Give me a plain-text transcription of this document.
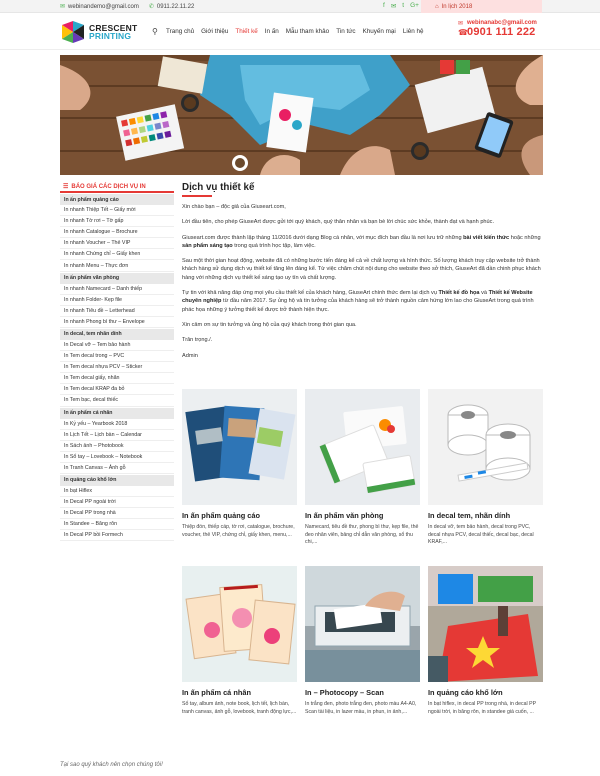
✉ webinandemo@gmail.com ✆ 0911.22.11.22	f ✉ t G+	⌂ In lịch 2018
CRESCENT
PRINTING	⚲ Trang chủ Giới thiệu Thiết kế In ấn Mẫu tham khảo Tin tức Khuyến mại Liên hệ
✉ webinanabc@gmail.com
☎ 0901 111 222
☰ BÁO GIÁ CÁC DỊCH VỤ IN
In ấn phẩm quảng cáo
In nhanh Thiệp Tết – Giấy mời
In nhanh Tờ rơi – Tờ gấp
In nhanh Catalogue – Brochure
In nhanh Voucher – Thẻ VIP
In nhanh Chứng chỉ – Giấy khen
In nhanh Menu – Thực đơn
In ấn phẩm văn phòng
In nhanh Namecard – Danh thiếp
In nhanh Folder- Kẹp file
In nhanh Tiêu đề – Letterhead
In nhanh Phong bì thư – Envelope
In decal, tem nhãn dính
In Decal vỡ – Tem bảo hành
In Tem decal trong – PVC
In Tem decal nhựa PCV – Sticker
In Tem decal giấy, nhãn
In Tem decal KRAP đa bỏ
In Tem bạc, decal thiếc
In ấn phẩm cá nhân
In Kỷ yếu – Yearbook 2018
In Lịch Tết – Lịch bàn – Calendar
In Sách ảnh – Photobook
In Sổ tay – Lovebook – Notebook
In Tranh Canvas – Ảnh gỗ
In quảng cáo khổ lớn
In bạt Hiflex
In Decal PP ngoài trời
In Decal PP trong nhà
In Standee – Băng rôn
In Decal PP bồi Formech
Dịch vụ thiết kế

Xin chào bạn – độc giả của Giuseart.com,

Lời đầu tiên, cho phép GiuseArt được gửi tới quý khách, quý thân nhân và bạn bè lời chúc sức khỏe, thành đạt và hạnh phúc.

Giuseart.com được thành lập tháng 11/2016 dưới dạng Blog cá nhân, với mục đích ban đầu là nơi lưu trữ những bài viết kiến thức hoặc những sản phẩm sáng tạo trong quá trình học tập, làm việc.

Sau một thời gian hoạt động, website đã có những bước tiến đáng kể cả về chất lượng và hình thức. Số lượng khách truy cập website trở thành khách hàng sử dụng dịch vụ thiết kế tăng lên đáng kể. Từ việc chăm chút nội dung cho website theo sở thích, GiuseArt đã dần chinh phục khách hàng với những dịch vụ thiết kế sáng tạo uy tín và chất lượng.

Tự tin với khả năng đáp ứng mọi yêu cầu thiết kế của khách hàng, GiuseArt chính thức đem lại dịch vụ Thiết kế đồ họa và Thiết kế Website chuyên nghiệp từ đầu năm 2017. Sự ủng hộ và tin tưởng của khách hàng sẽ trở thành nguồn cảm hứng lớn lao cho GiuseArt trong quá trình phác họa những ý tưởng thiết kế được trở thành hiện thực.

Xin cảm ơn sự tin tưởng và ủng hộ của quý khách trong thời gian qua.

Trân trọng./.

Admin

In ấn phẩm quảng cáo
Thiệp đón, thiếp cáp, tờ rơi, catalogue, brochure, voucher, thẻ VIP, chứng chỉ, giấy khen, menu,...
In ấn phẩm văn phòng
Namecard, tiêu đề thư, phong bì thư, kẹp file, thẻ đeo nhân viên, bảng chỉ dẫn văn phòng, sổ thu chi,...
In decal tem, nhãn dính
In decal vỡ, tem bảo hành, decal trong PVC, decal nhựa PCV, decal thiếc, decal bạc, decal KRAF,...
In ấn phẩm cá nhân
Sổ tay, album ảnh, note book, lịch tết, lịch bàn, tranh canvas, ảnh gỗ, lovebook, tranh động lực,...
In – Photocopy – Scan
In trắng đen, photo trắng đen, photo màu A4-A0, Scan tài liệu, in lazer màu, in phun, in ảnh,...
In quảng cáo khổ lớn
In bạt hiflex, in decal PP trong nhà, in decal PP ngoài trời, in băng rôn, in standee giá cuốn, ...
Tại sao quý khách nên chọn chúng tôi!
